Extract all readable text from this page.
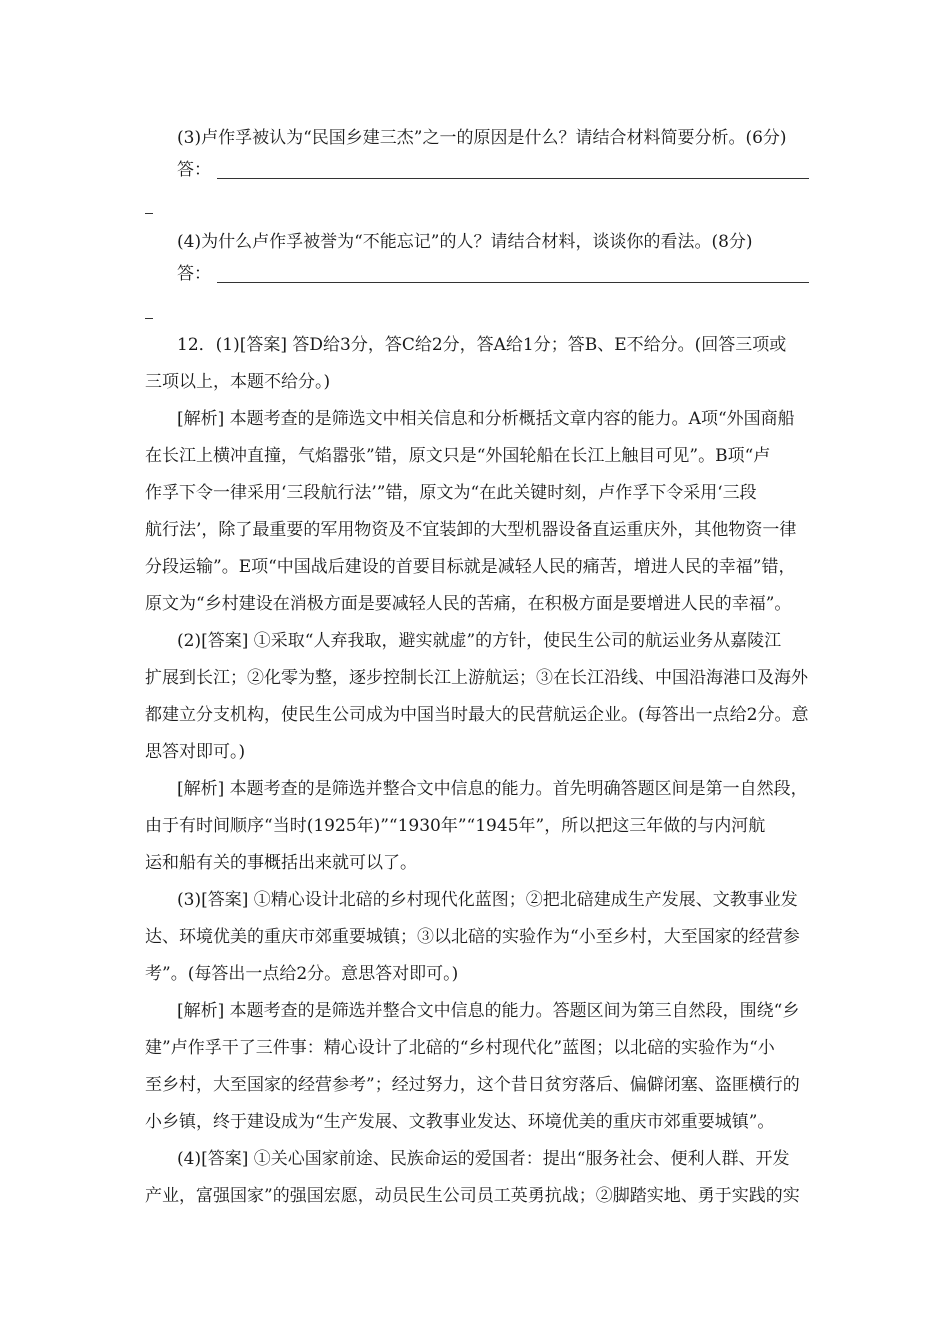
(3)卢作孚被认为“民国乡建三杰”之一的原因是什么？请结合材料简要分析。(6分)
答：
(4)为什么卢作孚被誉为“不能忘记”的人？请结合材料，谈谈你的看法。(8分)
答：
12．(1)[答案] 答D给3分，答C给2分，答A给1分；答B、E不给分。(回答三项或
三项以上，本题不给分。)
[解析] 本题考查的是筛选文中相关信息和分析概括文章内容的能力。A项“外国商船
在长江上横冲直撞，气焰嚣张”错，原文只是“外国轮船在长江上触目可见”。B项“卢
作孚下令一律采用‘三段航行法’”错，原文为“在此关键时刻，卢作孚下令采用‘三段
航行法’，除了最重要的军用物资及不宜装卸的大型机器设备直运重庆外，其他物资一律
分段运输”。E项“中国战后建设的首要目标就是减轻人民的痛苦，增进人民的幸福”错，
原文为“乡村建设在消极方面是要减轻人民的苦痛，在积极方面是要增进人民的幸福”。
(2)[答案] ①采取“人弃我取，避实就虚”的方针，使民生公司的航运业务从嘉陵江
扩展到长江；②化零为整，逐步控制长江上游航运；③在长江沿线、中国沿海港口及海外
都建立分支机构，使民生公司成为中国当时最大的民营航运企业。(每答出一点给2分。意
思答对即可。)
[解析] 本题考查的是筛选并整合文中信息的能力。首先明确答题区间是第一自然段，
由于有时间顺序“当时(1925年)”“1930年”“1945年”，所以把这三年做的与内河航
运和船有关的事概括出来就可以了。
(3)[答案] ①精心设计北碚的乡村现代化蓝图；②把北碚建成生产发展、文教事业发
达、环境优美的重庆市郊重要城镇；③以北碚的实验作为“小至乡村，大至国家的经营参
考”。(每答出一点给2分。意思答对即可。)
[解析] 本题考查的是筛选并整合文中信息的能力。答题区间为第三自然段，围绕“乡
建”卢作孚干了三件事：精心设计了北碚的“乡村现代化”蓝图；以北碚的实验作为“小
至乡村，大至国家的经营参考”；经过努力，这个昔日贫穷落后、偏僻闭塞、盗匪横行的
小乡镇，终于建设成为“生产发展、文教事业发达、环境优美的重庆市郊重要城镇”。
(4)[答案] ①关心国家前途、民族命运的爱国者：提出“服务社会、便利人群、开发
产业，富强国家”的强国宏愿，动员民生公司员工英勇抗战；②脚踏实地、勇于实践的实
